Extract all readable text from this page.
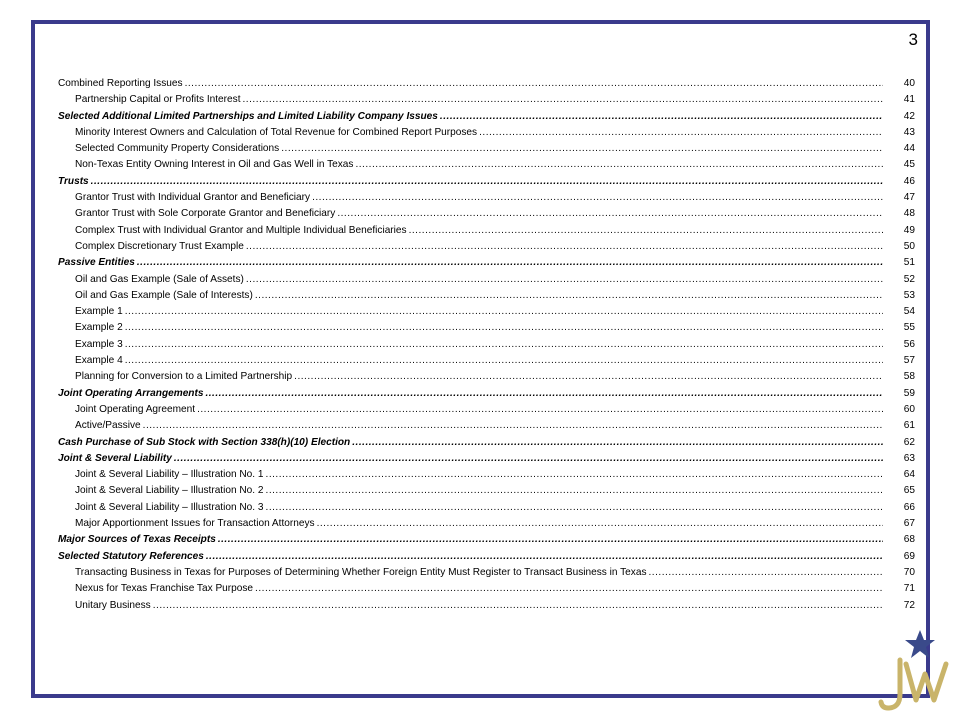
3
Combined Reporting Issues .....	40
Partnership Capital or Profits Interest .....	41
Selected Additional Limited Partnerships and Limited Liability Company Issues .....	42
Minority Interest Owners and Calculation of Total Revenue for Combined Report Purposes .....	43
Selected Community Property Considerations .....	44
Non-Texas Entity Owning Interest in Oil and Gas Well in Texas .....	45
Trusts .....	46
Grantor Trust with Individual Grantor and Beneficiary .....	47
Grantor Trust with Sole Corporate Grantor and Beneficiary .....	48
Complex Trust with Individual Grantor and Multiple Individual Beneficiaries .....	49
Complex Discretionary Trust Example .....	50
Passive Entities .....	51
Oil and Gas Example (Sale of Assets) .....	52
Oil and Gas Example (Sale of Interests) .....	53
Example 1 .....	54
Example 2 .....	55
Example 3 .....	56
Example 4 .....	57
Planning for Conversion to a Limited Partnership .....	58
Joint Operating Arrangements .....	59
Joint Operating Agreement .....	60
Active/Passive .....	61
Cash Purchase of Sub Stock with Section 338(h)(10) Election .....	62
Joint & Several Liability .....	63
Joint & Several Liability – Illustration No. 1 .....	64
Joint & Several Liability – Illustration No. 2 .....	65
Joint & Several Liability – Illustration No. 3 .....	66
Major Apportionment Issues for Transaction Attorneys .....	67
Major Sources of Texas Receipts .....	68
Selected Statutory References .....	69
Transacting Business in Texas for Purposes of Determining Whether Foreign Entity Must Register to Transact Business in Texas .....	70
Nexus for Texas Franchise Tax Purpose .....	71
Unitary Business .....	72
